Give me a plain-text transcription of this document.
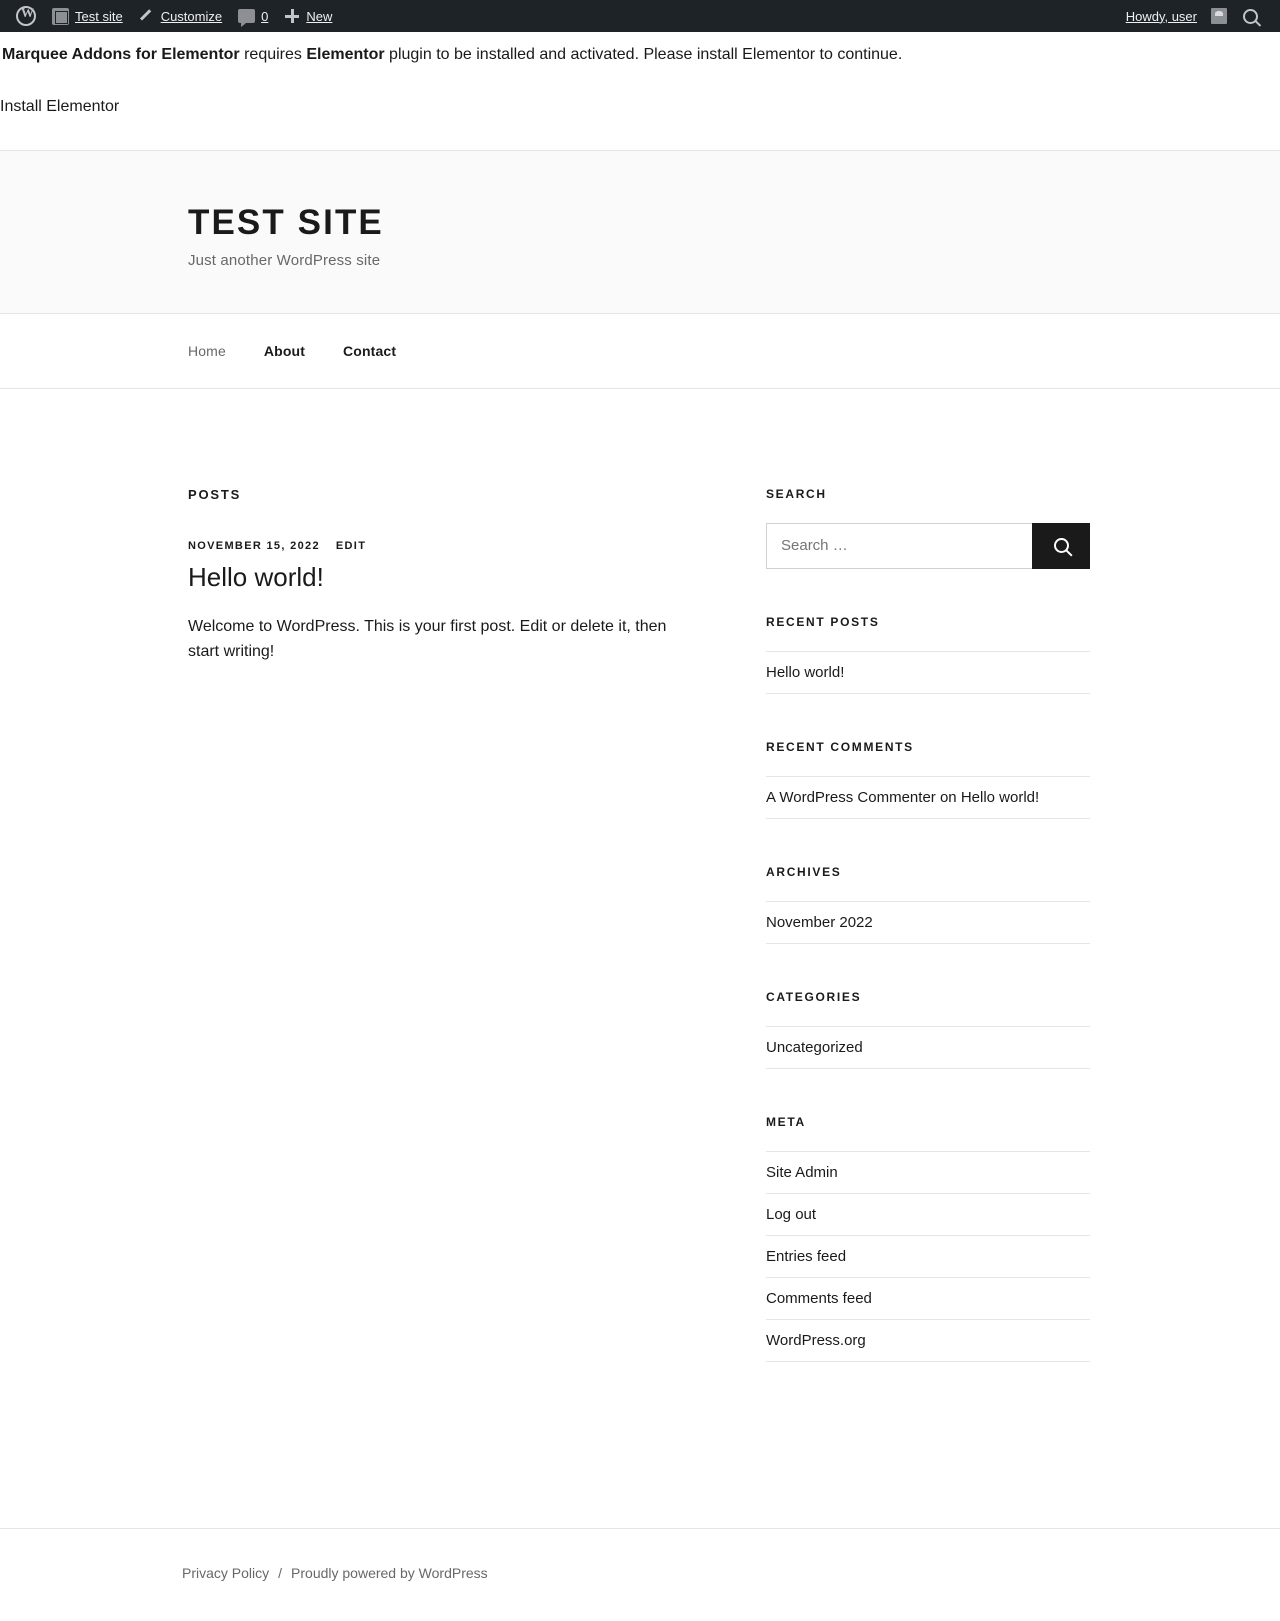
W
Test site	Customize	0	New	Howdy, user
Marquee Addons for Elementor requires Elementor plugin to be installed and activated. Please install Elementor to continue.
Install Elementor
TEST SITE

Just another WordPress site

Home	About	Contact
POSTS
NOVEMBER 15, 2022 EDIT
Hello world!

Welcome to WordPress. This is your first post. Edit or delete it, then start writing!

SEARCH
Search …
RECENT POSTS
Hello world!
RECENT COMMENTS
A WordPress Commenter on Hello world!
ARCHIVES
November 2022
CATEGORIES
Uncategorized
META
Site Admin
Log out
Entries feed
Comments feed
WordPress.org
Privacy Policy / Proudly powered by WordPress
